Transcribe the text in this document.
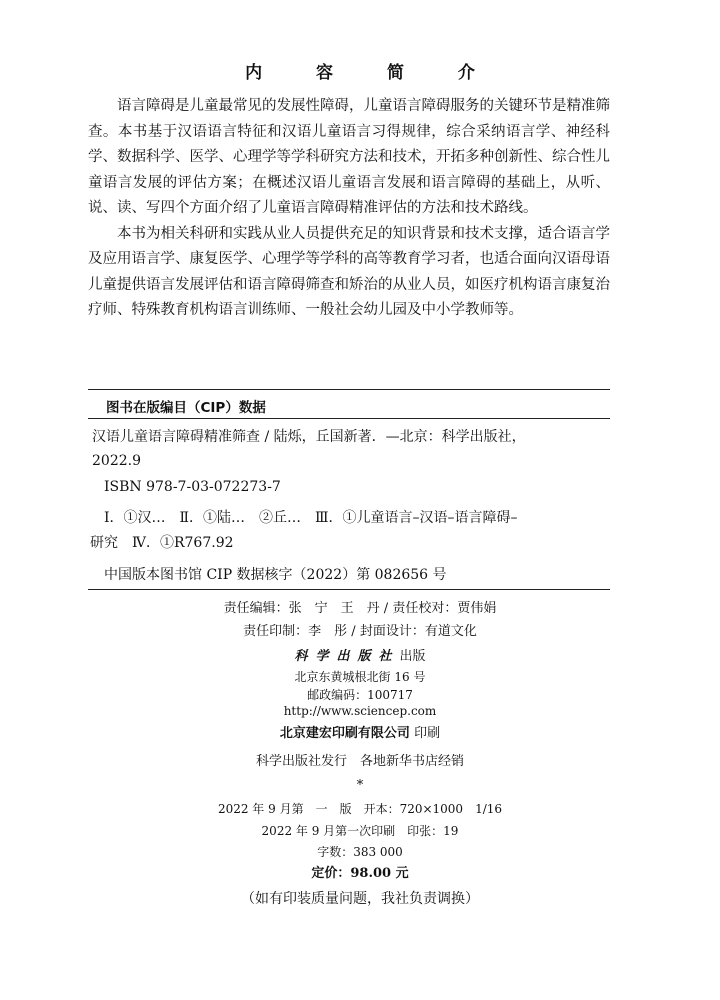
内 容 简 介

语言障碍是儿童最常见的发展性障碍，儿童语言障碍服务的关键环节是精准筛查。本书基于汉语语言特征和汉语儿童语言习得规律，综合采纳语言学、神经科学、数据科学、医学、心理学等学科研究方法和技术，开拓多种创新性、综合性儿童语言发展的评估方案；在概述汉语儿童语言发展和语言障碍的基础上，从听、说、读、写四个方面介绍了儿童语言障碍精准评估的方法和技术路线。

本书为相关科研和实践从业人员提供充足的知识背景和技术支撑，适合语言学及应用语言学、康复医学、心理学等学科的高等教育学习者，也适合面向汉语母语儿童提供语言发展评估和语言障碍筛查和矫治的从业人员，如医疗机构语言康复治疗师、特殊教育机构语言训练师、一般社会幼儿园及中小学教师等。

图书在版编目（CIP）数据
汉语儿童语言障碍精准筛查 / 陆烁，丘国新著．—北京：科学出版社，
2022.9
ISBN 978-7-03-072273-7
Ⅰ．①汉…　Ⅱ．①陆…　②丘…　Ⅲ．①儿童语言–汉语–语言障碍–
研究　Ⅳ．①R767.92
中国版本图书馆 CIP 数据核字（2022）第 082656 号
责任编辑：张　宁　王　丹 / 责任校对：贾伟娟
责任印制：李　彤 / 封面设计：有道文化
科学出版社出版
北京东黄城根北街 16 号
邮政编码：100717
http://www.sciencep.com
北京建宏印刷有限公司 印刷
科学出版社发行　各地新华书店经销
*
2022 年 9 月第　一　版　开本：720×1000　1/16
2022 年 9 月第一次印刷　印张：19
字数：383 000
定价：98.00 元
（如有印装质量问题，我社负责调换）
